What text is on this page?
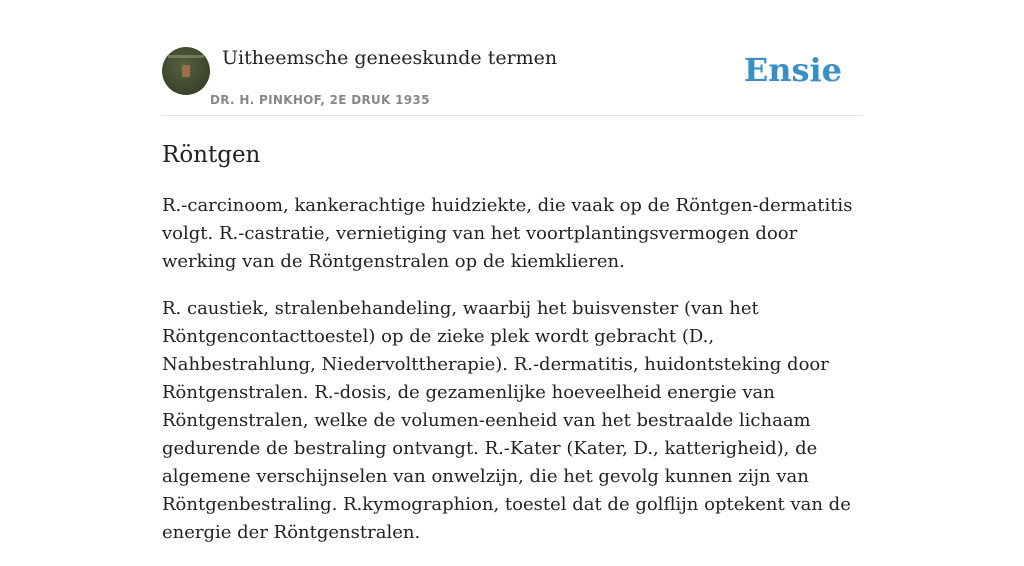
Uitheemsche geneeskunde termen
DR. H. PINKHOF, 2E DRUK 1935
Ensie
Röntgen

R.-carcinoom, kankerachtige huidziekte, die vaak op de Röntgen-dermatitis volgt. R.-castratie, vernietiging van het voortplantingsvermogen door werking van de Röntgenstralen op de kiemklieren.

R. caustiek, stralenbehandeling, waarbij het buisvenster (van het Röntgencontacttoestel) op de zieke plek wordt gebracht (D., Nahbestrahlung, Niedervolttherapie). R.-dermatitis, huidontsteking door Röntgenstralen. R.-dosis, de gezamenlijke hoeveelheid energie van Röntgenstralen, welke de volumen-eenheid van het bestraalde lichaam gedurende de bestraling ontvangt. R.-Kater (Kater, D., katterigheid), de algemene verschijnselen van onwelzijn, die het gevolg kunnen zijn van Röntgenbestraling. R.kymographion, toestel dat de golflijn optekent van de energie der Röntgenstralen.
